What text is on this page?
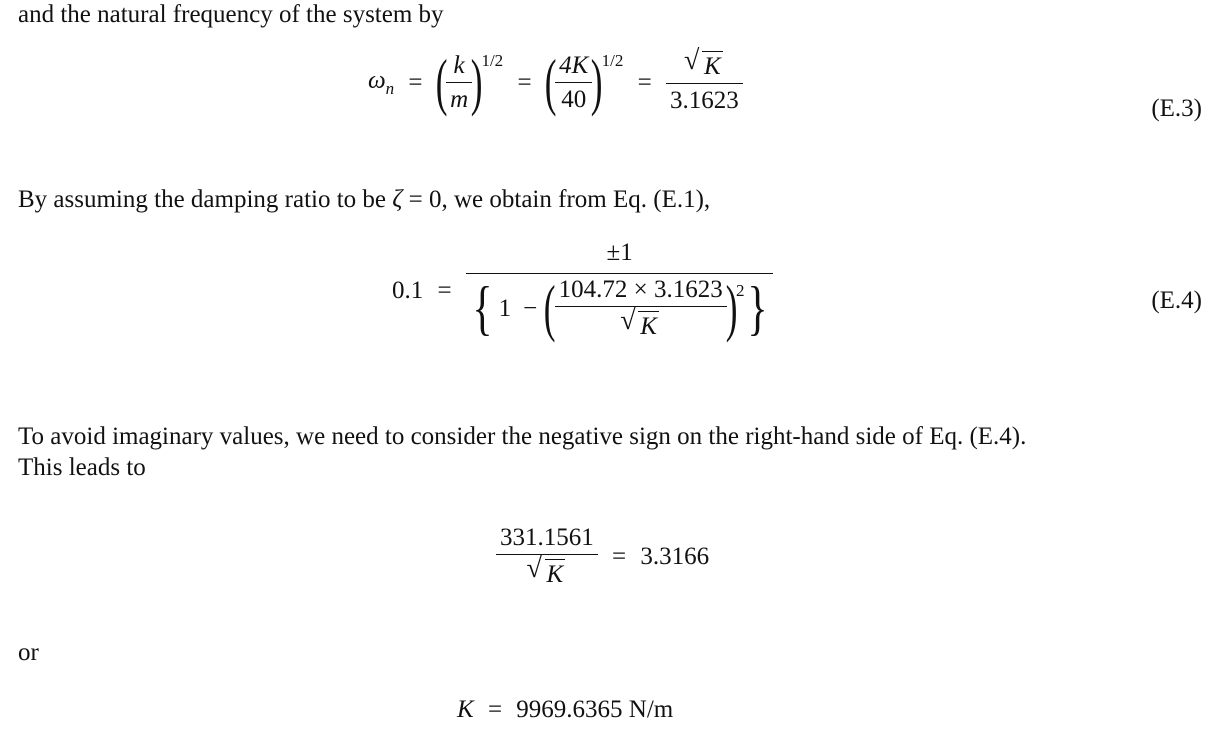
and the natural frequency of the system by
$\omega_n$ = (
$\frac{k}{m}$
)$^{1/2}$ = (
$\frac{4K}{40}$
)$^{1/2}$ =
√ $\frac{K}{3.1623}$	(E.3)
By assuming the damping ratio to be ζ = 0, we obtain from Eq. (E.1),
0.1 = ±1
{ 1 − (
104.72 × 3.1623
√ K
)$^2$}	(E.4)
To avoid imaginary values, we need to consider the negative sign on the right-hand side of Eq. (E.4).
This leads to
331.1561
√ K = 3.3166
or
K = 9969.6365 N/m
